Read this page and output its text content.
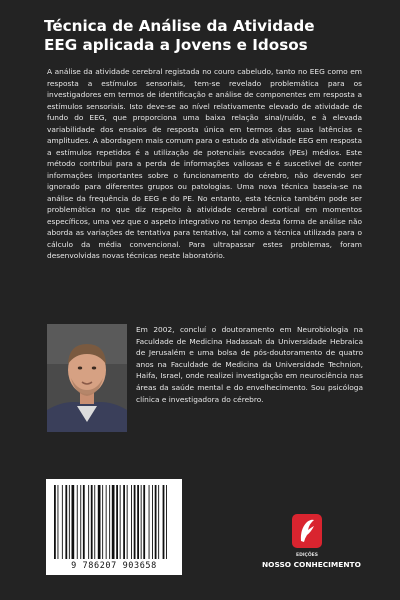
Técnica de Análise da Atividade
EEG aplicada a Jovens e Idosos
A análise da atividade cerebral registada no couro cabeludo, tanto no EEG como em resposta a estímulos sensoriais, tem-se revelado problemática para os investigadores em termos de identificação e análise de componentes em resposta a estímulos sensoriais. Isto deve-se ao nível relativamente elevado de atividade de fundo do EEG, que proporciona uma baixa relação sinal/ruído, e à elevada variabilidade dos ensaios de resposta única em termos das suas latências e amplitudes. A abordagem mais comum para o estudo da atividade EEG em resposta a estímulos repetidos é a utilização de potenciais evocados (PEs) médios. Este método contribui para a perda de informações valiosas e é suscetível de conter informações importantes sobre o funcionamento do cérebro, não devendo ser ignorado para diferentes grupos ou patologias. Uma nova técnica baseia-se na análise da frequência do EEG e do PE. No entanto, esta técnica também pode ser problemática no que diz respeito à atividade cerebral cortical em momentos específicos, uma vez que o aspeto integrativo no tempo desta forma de análise não aborda as variações de tentativa para tentativa, tal como a técnica utilizada para o cálculo da média convencional. Para ultrapassar estes problemas, foram desenvolvidas novas técnicas neste laboratório.
Em 2002, concluí o doutoramento em Neurobiologia na Faculdade de Medicina Hadassah da Universidade Hebraica de Jerusalém e uma bolsa de pós-doutoramento de quatro anos na Faculdade de Medicina da Universidade Technion, Haifa, Israel, onde realizei investigação em neurociência nas áreas da saúde mental e do envelhecimento. Sou psicóloga clínica e investigadora do cérebro.
9 786207 903658
EDIÇÕES
NOSSO CONHECIMENTO
